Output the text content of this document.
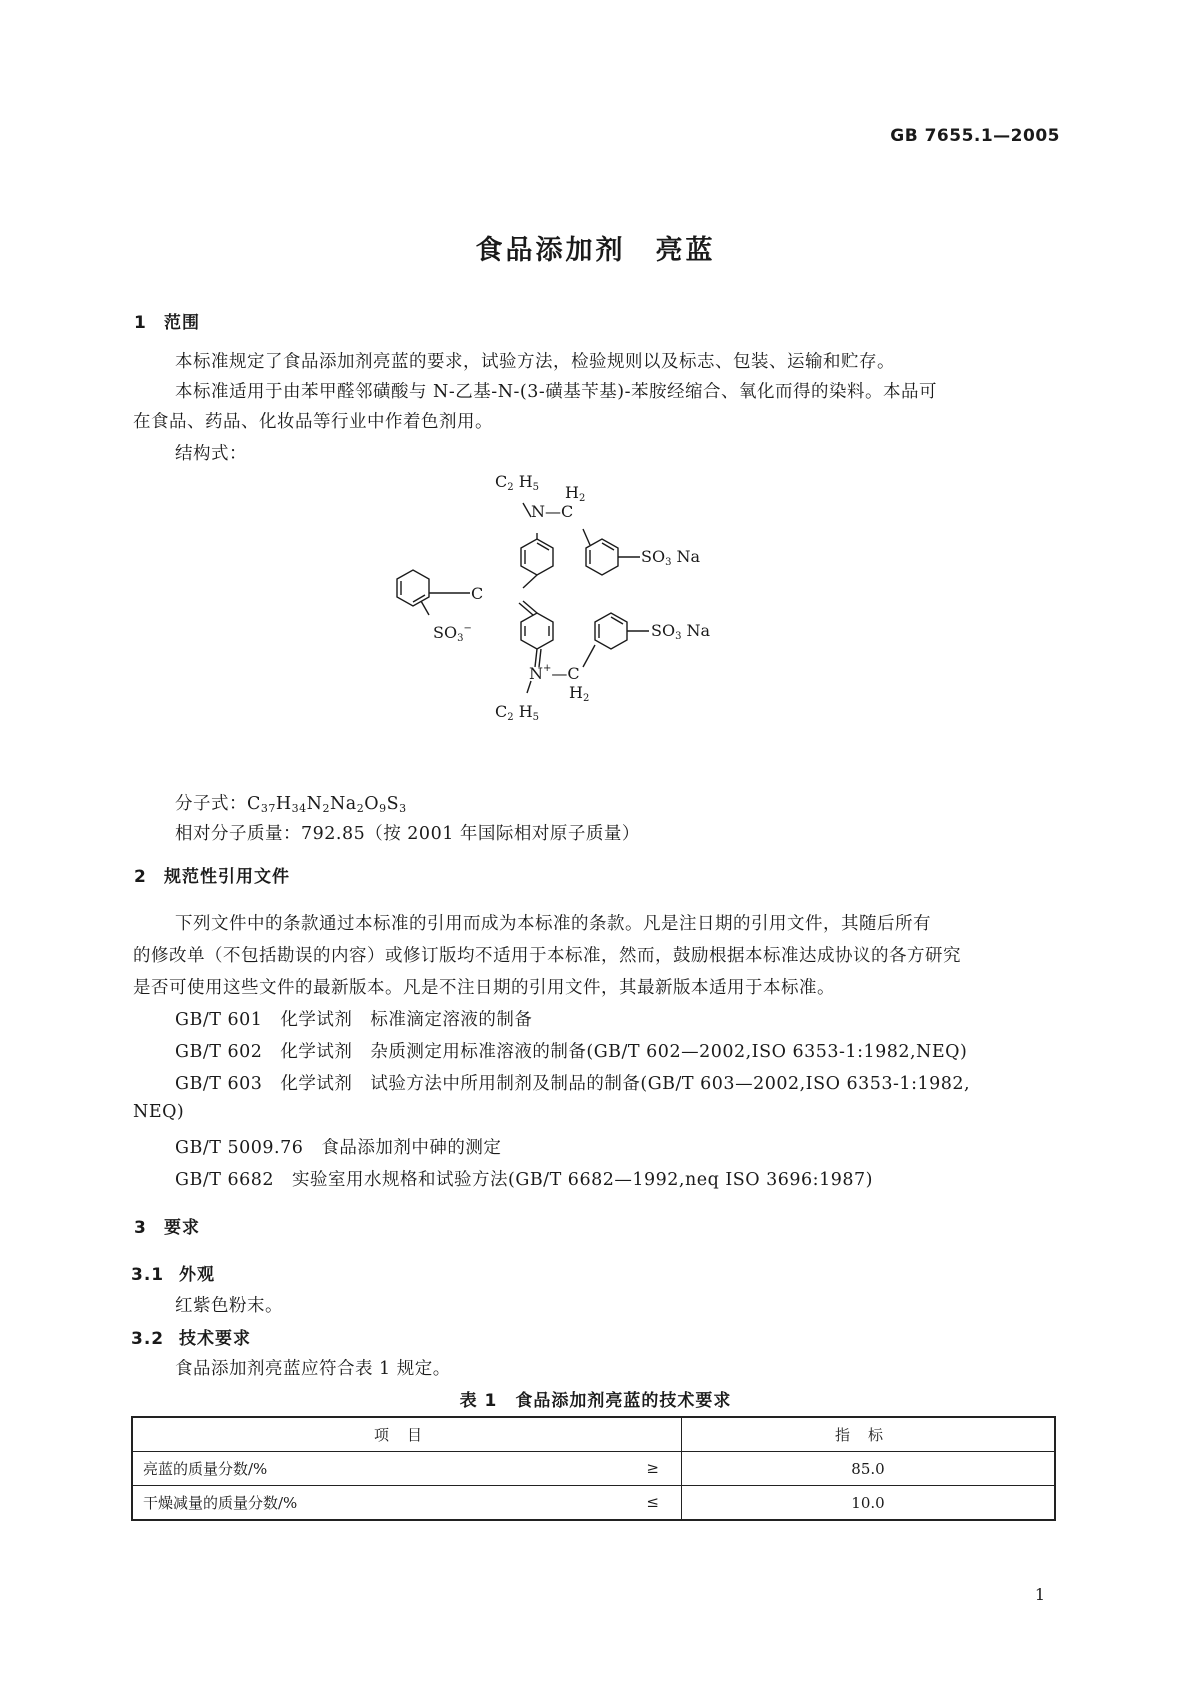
GB 7655.1—2005
食品添加剂　亮蓝
1 范围
本标准规定了食品添加剂亮蓝的要求，试验方法，检验规则以及标志、包装、运输和贮存。
本标准适用于由苯甲醛邻磺酸与 N-乙基-N-(3-磺基苄基)-苯胺经缩合、氧化而得的染料。本品可
在食品、药品、化妆品等行业中作着色剂用。
结构式：
C2 H5 H2
N—C
SO3 Na
C
SO3−	SO3 Na
N+—C
H2
C2 H5
分子式：$C_{37}H_{34}N_2Na_2O_9S_3$
相对分子质量：792.85（按 2001 年国际相对原子质量）
2 规范性引用文件
下列文件中的条款通过本标准的引用而成为本标准的条款。凡是注日期的引用文件，其随后所有
的修改单（不包括勘误的内容）或修订版均不适用于本标准，然而，鼓励根据本标准达成协议的各方研究
是否可使用这些文件的最新版本。凡是不注日期的引用文件，其最新版本适用于本标准。
GB/T 601　化学试剂　标准滴定溶液的制备
GB/T 602　化学试剂　杂质测定用标准溶液的制备(GB/T 602—2002,ISO 6353-1:1982,NEQ)
GB/T 603　化学试剂　试验方法中所用制剂及制品的制备(GB/T 603—2002,ISO 6353-1:1982,
NEQ)
GB/T 5009.76　食品添加剂中砷的测定
GB/T 6682　实验室用水规格和试验方法(GB/T 6682—1992,neq ISO 3696:1987)
3 要求
3.1 外观
红紫色粉末。
3.2 技术要求
食品添加剂亮蓝应符合表 1 规定。
表 1　食品添加剂亮蓝的技术要求
项目	指标
亮蓝的质量分数/% ≥	85.0
干燥减量的质量分数/% ≤	10.0
1
